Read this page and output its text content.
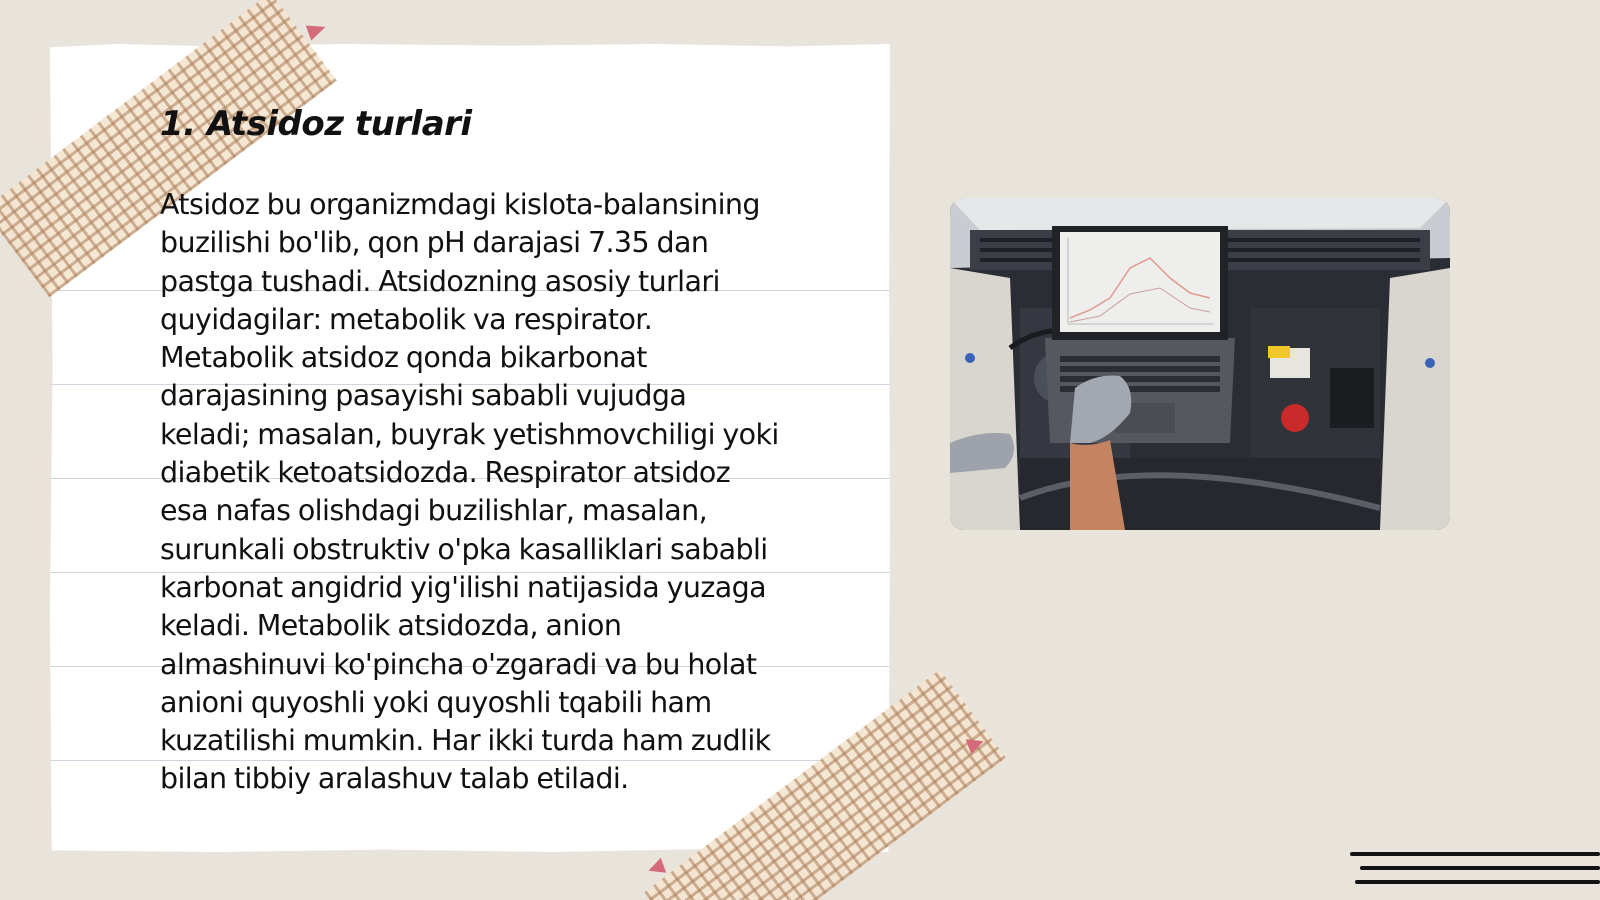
1. Atsidoz turlari

Atsidoz bu organizmdagi kislota-balansining
buzilishi bo'lib, qon pH darajasi 7.35 dan
pastga tushadi. Atsidozning asosiy turlari
quyidagilar: metabolik va respirator.
Metabolik atsidoz qonda bikarbonat
darajasining pasayishi sababli vujudga
keladi; masalan, buyrak yetishmovchiligi yoki
diabetik ketoatsidozda. Respirator atsidoz
esa nafas olishdagi buzilishlar, masalan,
surunkali obstruktiv o'pka kasalliklari sababli
karbonat angidrid yig'ilishi natijasida yuzaga
keladi. Metabolik atsidozda, anion
almashinuvi ko'pincha o'zgaradi va bu holat
anioni quyoshli yoki quyoshli tqabili ham
kuzatilishi mumkin. Har ikki turda ham zudlik
bilan tibbiy aralashuv talab etiladi.
